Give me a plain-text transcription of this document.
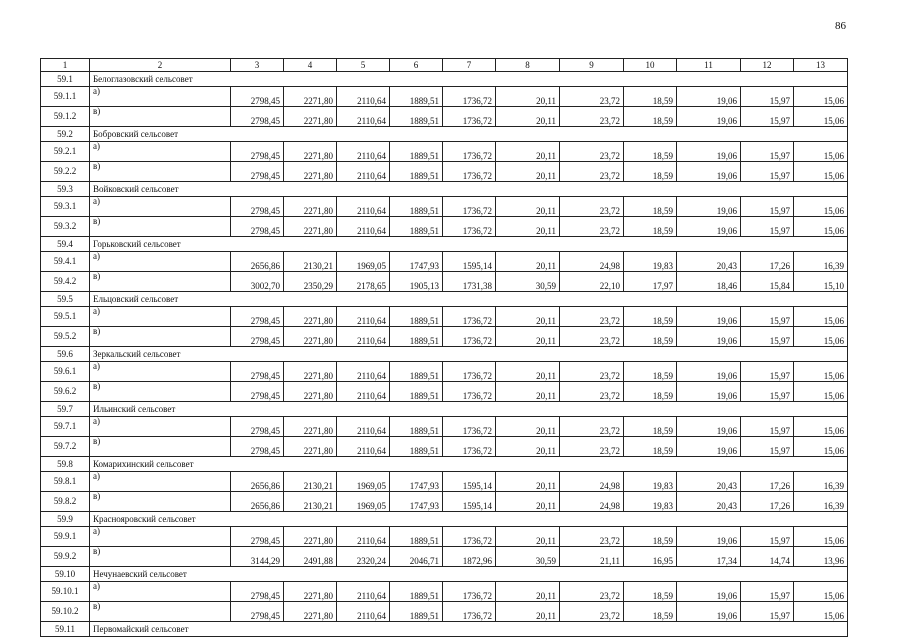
86
1	2	3	4	5	6	7	8	9	10	11	12	13
59.1	Белоглазовский сельсовет											
59.1.1	а)	2798,45	2271,80	2110,64	1889,51	1736,72	20,11	23,72	18,59	19,06	15,97	15,06
59.1.2	в)	2798,45	2271,80	2110,64	1889,51	1736,72	20,11	23,72	18,59	19,06	15,97	15,06
59.2	Бобровский сельсовет											
59.2.1	а)	2798,45	2271,80	2110,64	1889,51	1736,72	20,11	23,72	18,59	19,06	15,97	15,06
59.2.2	в)	2798,45	2271,80	2110,64	1889,51	1736,72	20,11	23,72	18,59	19,06	15,97	15,06
59.3	Войковский сельсовет											
59.3.1	а)	2798,45	2271,80	2110,64	1889,51	1736,72	20,11	23,72	18,59	19,06	15,97	15,06
59.3.2	в)	2798,45	2271,80	2110,64	1889,51	1736,72	20,11	23,72	18,59	19,06	15,97	15,06
59.4	Горьковский сельсовет											
59.4.1	а)	2656,86	2130,21	1969,05	1747,93	1595,14	20,11	24,98	19,83	20,43	17,26	16,39
59.4.2	в)	3002,70	2350,29	2178,65	1905,13	1731,38	30,59	22,10	17,97	18,46	15,84	15,10
59.5	Ельцовский сельсовет											
59.5.1	а)	2798,45	2271,80	2110,64	1889,51	1736,72	20,11	23,72	18,59	19,06	15,97	15,06
59.5.2	в)	2798,45	2271,80	2110,64	1889,51	1736,72	20,11	23,72	18,59	19,06	15,97	15,06
59.6	Зеркальский сельсовет											
59.6.1	а)	2798,45	2271,80	2110,64	1889,51	1736,72	20,11	23,72	18,59	19,06	15,97	15,06
59.6.2	в)	2798,45	2271,80	2110,64	1889,51	1736,72	20,11	23,72	18,59	19,06	15,97	15,06
59.7	Ильинский сельсовет											
59.7.1	а)	2798,45	2271,80	2110,64	1889,51	1736,72	20,11	23,72	18,59	19,06	15,97	15,06
59.7.2	в)	2798,45	2271,80	2110,64	1889,51	1736,72	20,11	23,72	18,59	19,06	15,97	15,06
59.8	Комарихинский сельсовет											
59.8.1	а)	2656,86	2130,21	1969,05	1747,93	1595,14	20,11	24,98	19,83	20,43	17,26	16,39
59.8.2	в)	2656,86	2130,21	1969,05	1747,93	1595,14	20,11	24,98	19,83	20,43	17,26	16,39
59.9	Краснояровский сельсовет											
59.9.1	а)	2798,45	2271,80	2110,64	1889,51	1736,72	20,11	23,72	18,59	19,06	15,97	15,06
59.9.2	в)	3144,29	2491,88	2320,24	2046,71	1872,96	30,59	21,11	16,95	17,34	14,74	13,96
59.10	Нечунаевский сельсовет											
59.10.1	а)	2798,45	2271,80	2110,64	1889,51	1736,72	20,11	23,72	18,59	19,06	15,97	15,06
59.10.2	в)	2798,45	2271,80	2110,64	1889,51	1736,72	20,11	23,72	18,59	19,06	15,97	15,06
59.11	Первомайский сельсовет											
